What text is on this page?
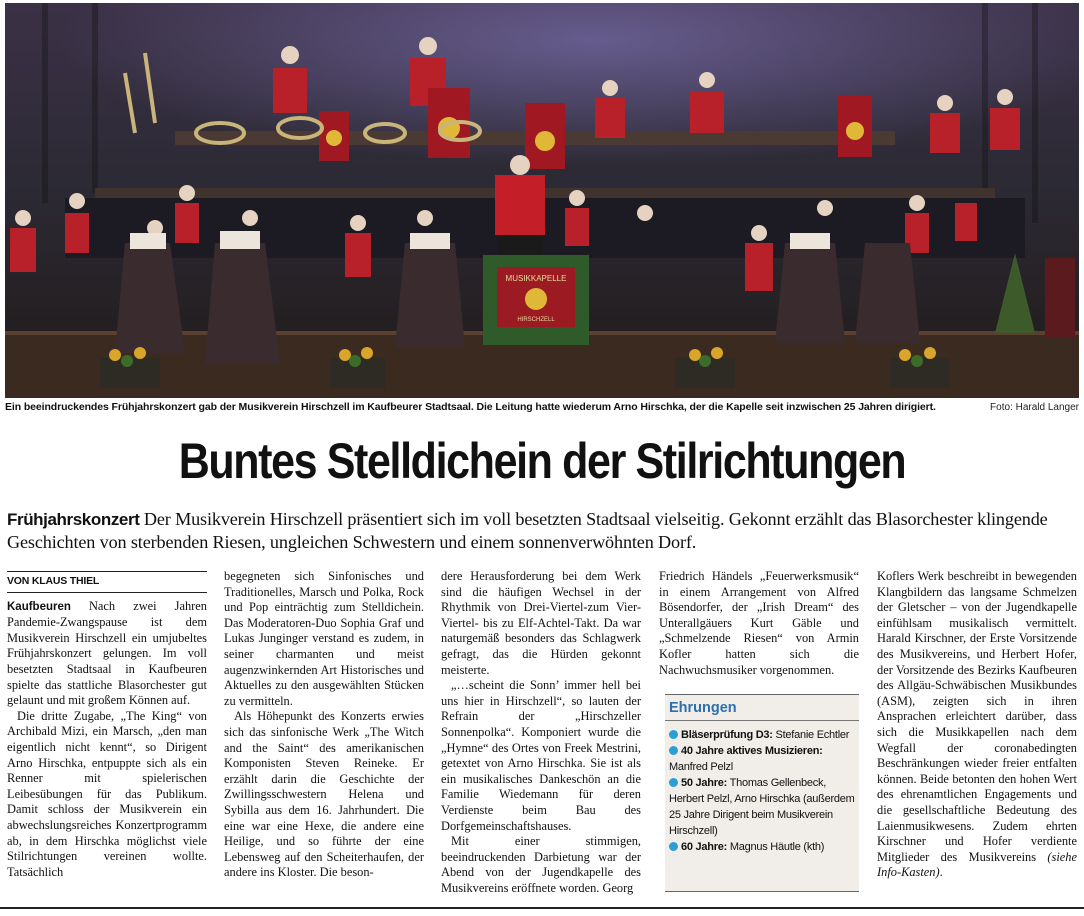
MUSIKKAPELLE
HIRSCHZELL
Ein beeindruckendes Frühjahrskonzert gab der Musikverein Hirschzell im Kaufbeurer Stadtsaal. Die Leitung hatte wiederum Arno Hirschka, der die Kapelle seit inzwischen 25 Jahren dirigiert.	Foto: Harald Langer
Buntes Stelldichein der Stilrichtungen
Frühjahrskonzert Der Musikverein Hirschzell präsentiert sich im voll besetzten Stadtsaal vielseitig. Gekonnt erzählt das Blasorchester klingende Geschichten von sterbenden Riesen, ungleichen Schwestern und einem sonnenverwöhnten Dorf.
VON KLAUS THIEL

Kaufbeuren Nach zwei Jahren Pandemie-Zwangspause ist dem Musikverein Hirschzell ein umjubeltes Frühjahrskonzert gelungen. Im voll besetzten Stadtsaal in Kaufbeuren spielte das stattliche Blasorchester gut gelaunt und mit großem Können auf.

Die dritte Zugabe, „The King“ von Archibald Mizi, ein Marsch, „den man eigentlich nicht kennt“, so Dirigent Arno Hirschka, entpuppte sich als ein Renner mit spielerischen Leibesübungen für das Publikum. Damit schloss der Musikverein ein abwechslungsreiches Konzertprogramm ab, in dem Hirschka möglichst viele Stilrichtungen vereinen wollte. Tatsächlich

begegneten sich Sinfonisches und Traditionelles, Marsch und Polka, Rock und Pop einträchtig zum Stelldichein. Das Moderatoren-Duo Sophia Graf und Lukas Junginger verstand es zudem, in seiner charmanten und meist augenzwinkernden Art Historisches und Aktuelles zu den ausgewählten Stücken zu vermitteln.

Als Höhepunkt des Konzerts erwies sich das sinfonische Werk „The Witch and the Saint“ des amerikanischen Komponisten Steven Reineke. Er erzählt darin die Geschichte der Zwillingsschwestern Helena und Sybilla aus dem 16. Jahrhundert. Die eine war eine Hexe, die andere eine Heilige, und so führte der eine Lebensweg auf den Scheiterhaufen, der andere ins Kloster. Die beson-

dere Herausforderung bei dem Werk sind die häufigen Wechsel in der Rhythmik von Drei-Viertel-zum Vier-Viertel- bis zu Elf-Achtel-Takt. Da war naturgemäß besonders das Schlagwerk gefragt, das die Hürden gekonnt meisterte.

„…scheint die Sonn’ immer hell bei uns hier in Hirschzell“, so lauten der Refrain der „Hirschzeller Sonnenpolka“. Komponiert wurde die „Hymne“ des Ortes von Freek Mestrini, getextet von Arno Hirschka. Sie ist als ein musikalisches Dankeschön an die Familie Wiedemann für deren Verdienste beim Bau des Dorfgemeinschaftshauses.

Mit einer stimmigen, beeindruckenden Darbietung war der Abend von der Jugendkapelle des Musikvereins eröffnete worden. Georg

Friedrich Händels „Feuerwerksmusik“ in einem Arrangement von Alfred Bösendorfer, der „Irish Dream“ des Unterallgäuers Kurt Gäble und „Schmelzende Riesen“ von Armin Kofler hatten sich die Nachwuchsmusiker vorgenommen.

Ehrungen
Bläserprüfung D3: Stefanie Echtler
40 Jahre aktives Musizieren: Manfred Pelzl
50 Jahre: Thomas Gellenbeck, Herbert Pelzl, Arno Hirschka (außerdem 25 Jahre Dirigent beim Musikverein Hirschzell)
60 Jahre: Magnus Häutle (kth)

Koflers Werk beschreibt in bewegenden Klangbildern das langsame Schmelzen der Gletscher – von der Jugendkapelle einfühlsam musikalisch vermittelt. Harald Kirschner, der Erste Vorsitzende des Musikvereins, und Herbert Hofer, der Vorsitzende des Bezirks Kaufbeuren des Allgäu-Schwäbischen Musikbundes (ASM), zeigten sich in ihren Ansprachen erleichtert darüber, dass sich die Musikkapellen nach dem Wegfall der coronabedingten Beschränkungen wieder freier entfalten können. Beide betonten den hohen Wert des ehrenamtlichen Engagements und die gesellschaftliche Bedeutung des Laienmusikwesens. Zudem ehrten Kirschner und Hofer verdiente Mitglieder des Musikvereins (siehe Info-Kasten).
